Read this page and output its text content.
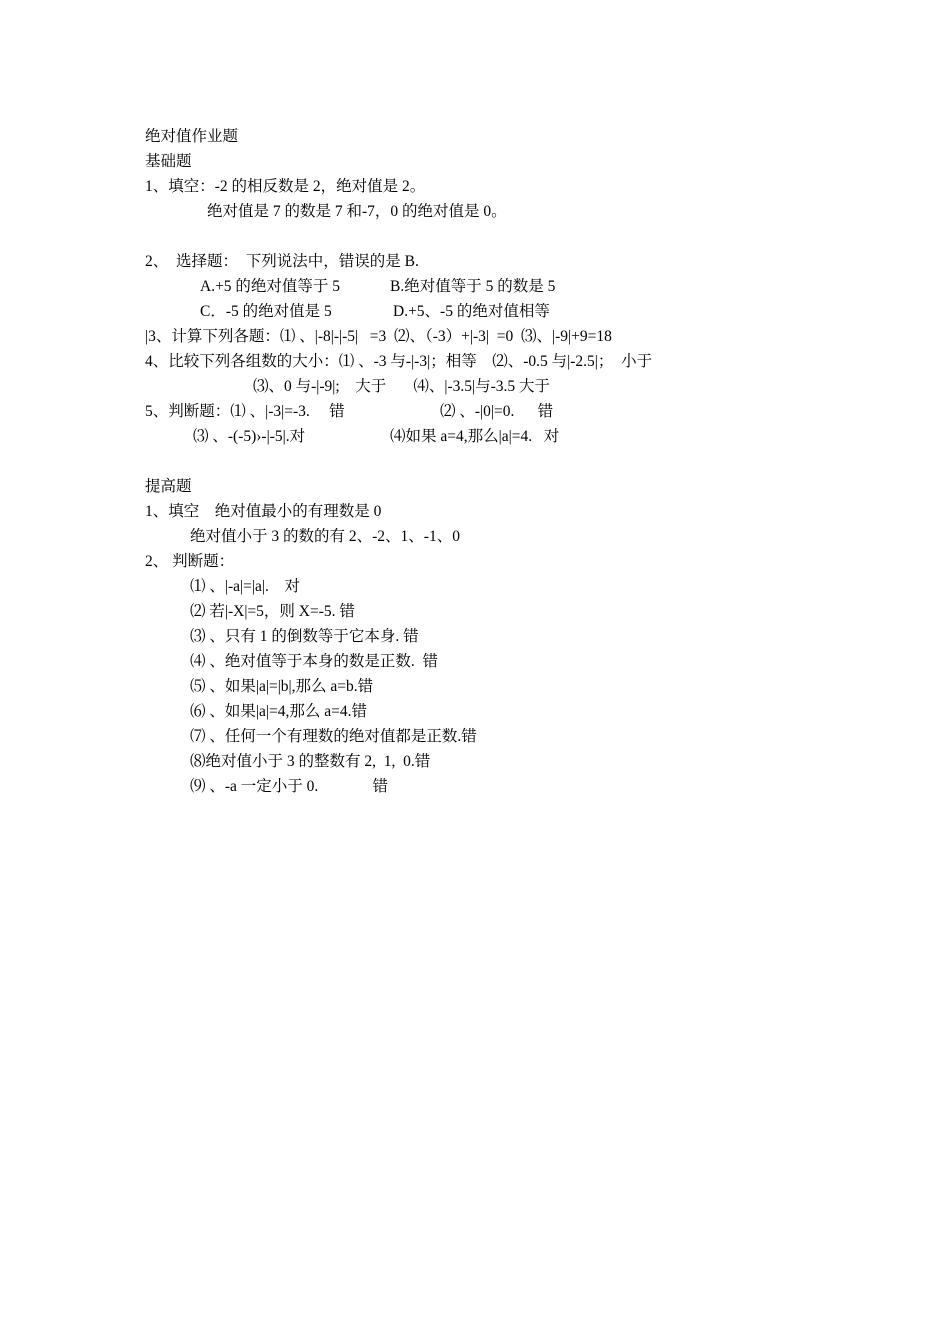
绝对值作业题
基础题
1、填空：-2 的相反数是 2，绝对值是 2。
绝对值是 7 的数是 7 和-7，0 的绝对值是 0。
2、  选择题：  下列说法中，错误的是 B.
A.+5 的绝对值等于 5	B.绝对值等于 5 的数是 5
C．-5 的绝对值是 5	D.+5、-5 的绝对值相等
|3、计算下列各题：⑴ 、|-8|-|-5|   =3  ⑵、（-3）+|-3|  =0  ⑶、|-9|+9=18
4、比较下列各组数的大小：⑴ 、-3 与-|-3|；相等    ⑵、-0.5 与|-2.5|；  小于
⑶、0 与-|-9|;    大于       ⑷、|-3.5|与-3.5 大于
5、判断题：⑴ 、|-3|=-3.     错	⑵ 、-|0|=0.      错
⑶ 、-(-5)›-|-5|.对	⑷如果 a=4,那么|a|=4.   对
提高题
1、填空    绝对值最小的有理数是 0
绝对值小于 3 的数的有 2、-2、1、-1、0
2、 判断题：
⑴ 、|-a|=|a|.    对
⑵ 若|-X|=5，则 X=-5. 错
⑶ 、只有 1 的倒数等于它本身. 错
⑷ 、绝对值等于本身的数是正数.  错
⑸ 、如果|a|=|b|,那么 a=b.错
⑹ 、如果|a|=4,那么 a=4.错
⑺ 、任何一个有理数的绝对值都是正数.错
⑻绝对值小于 3 的整数有 2,  1,  0.错
⑼ 、-a 一定小于 0.              错
